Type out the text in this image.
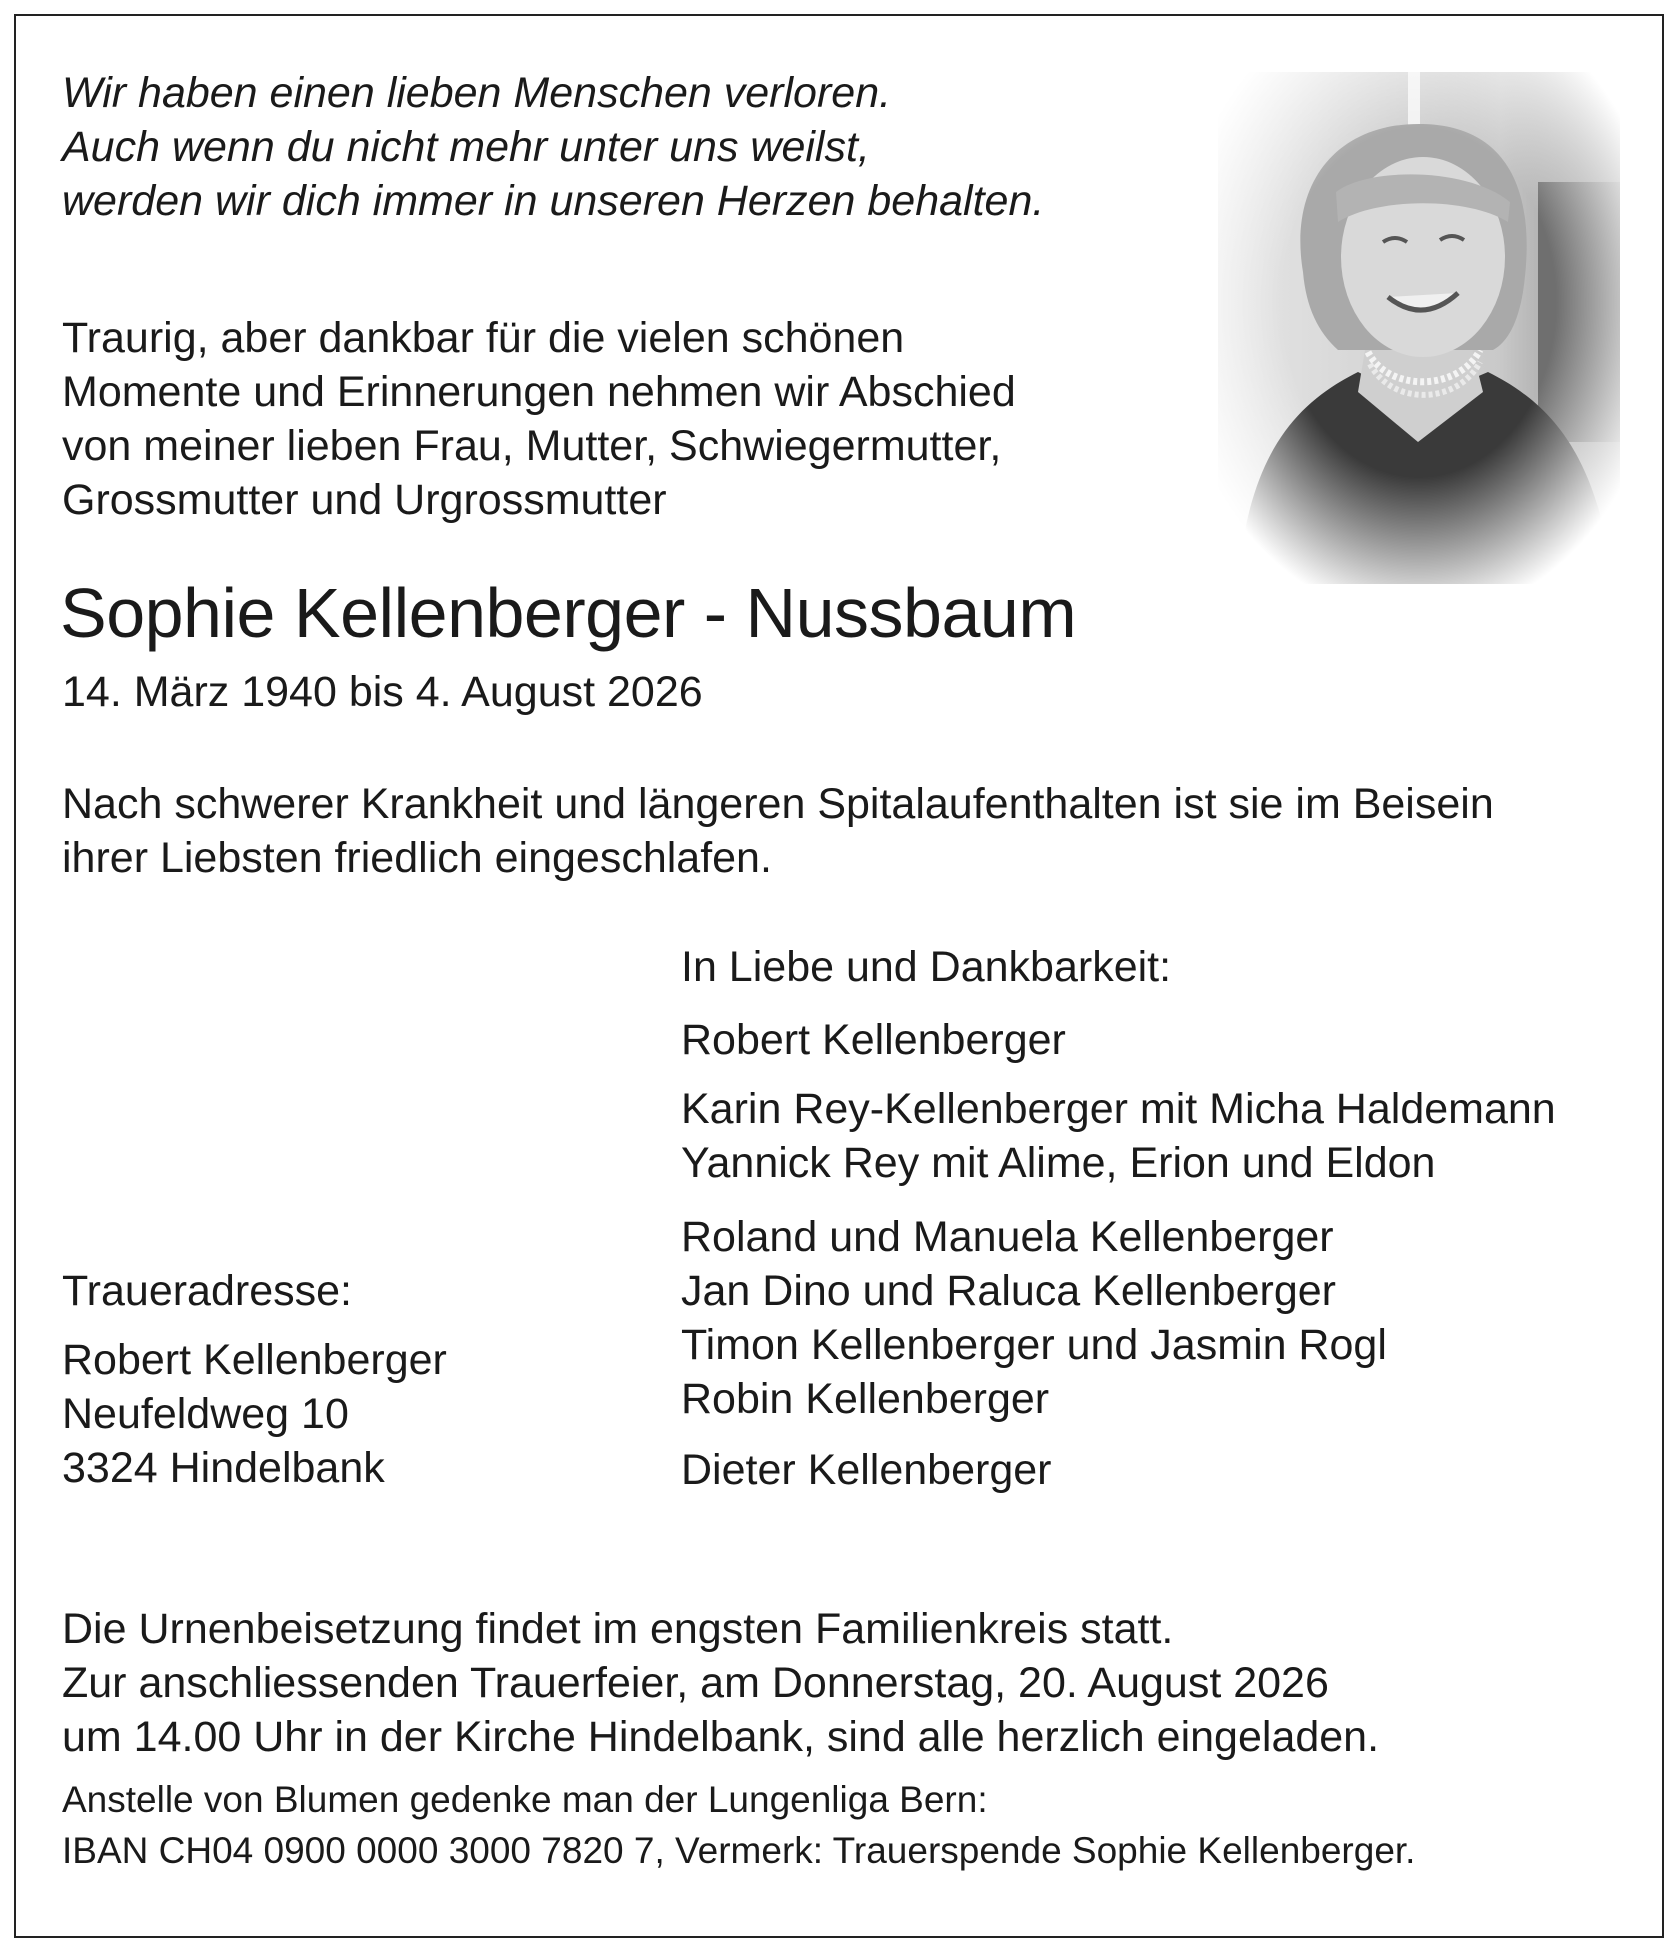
Wir haben einen lieben Menschen verloren.
Auch wenn du nicht mehr unter uns weilst,
werden wir dich immer in unseren Herzen behalten.
Traurig, aber dankbar für die vielen schönen
Momente und Erinnerungen nehmen wir Abschied
von meiner lieben Frau, Mutter, Schwiegermutter,
Grossmutter und Urgrossmutter
Sophie Kellenberger - Nussbaum
14. März 1940 bis 4. August 2026
Nach schwerer Krankheit und längeren Spitalaufenthalten ist sie im Beisein
ihrer Liebsten friedlich eingeschlafen.
In Liebe und Dankbarkeit:
Robert Kellenberger
Karin Rey-Kellenberger mit Micha Haldemann
Yannick Rey mit Alime, Erion und Eldon
Roland und Manuela Kellenberger
Jan Dino und Raluca Kellenberger
Timon Kellenberger und Jasmin Rogl
Robin Kellenberger
Dieter Kellenberger
Traueradresse:
Robert Kellenberger
Neufeldweg 10
3324 Hindelbank
Die Urnenbeisetzung findet im engsten Familienkreis statt.
Zur anschliessenden Trauerfeier, am Donnerstag, 20. August 2026
um 14.00 Uhr in der Kirche Hindelbank, sind alle herzlich eingeladen.
Anstelle von Blumen gedenke man der Lungenliga Bern:
IBAN CH04 0900 0000 3000 7820 7, Vermerk: Trauerspende Sophie Kellenberger.
